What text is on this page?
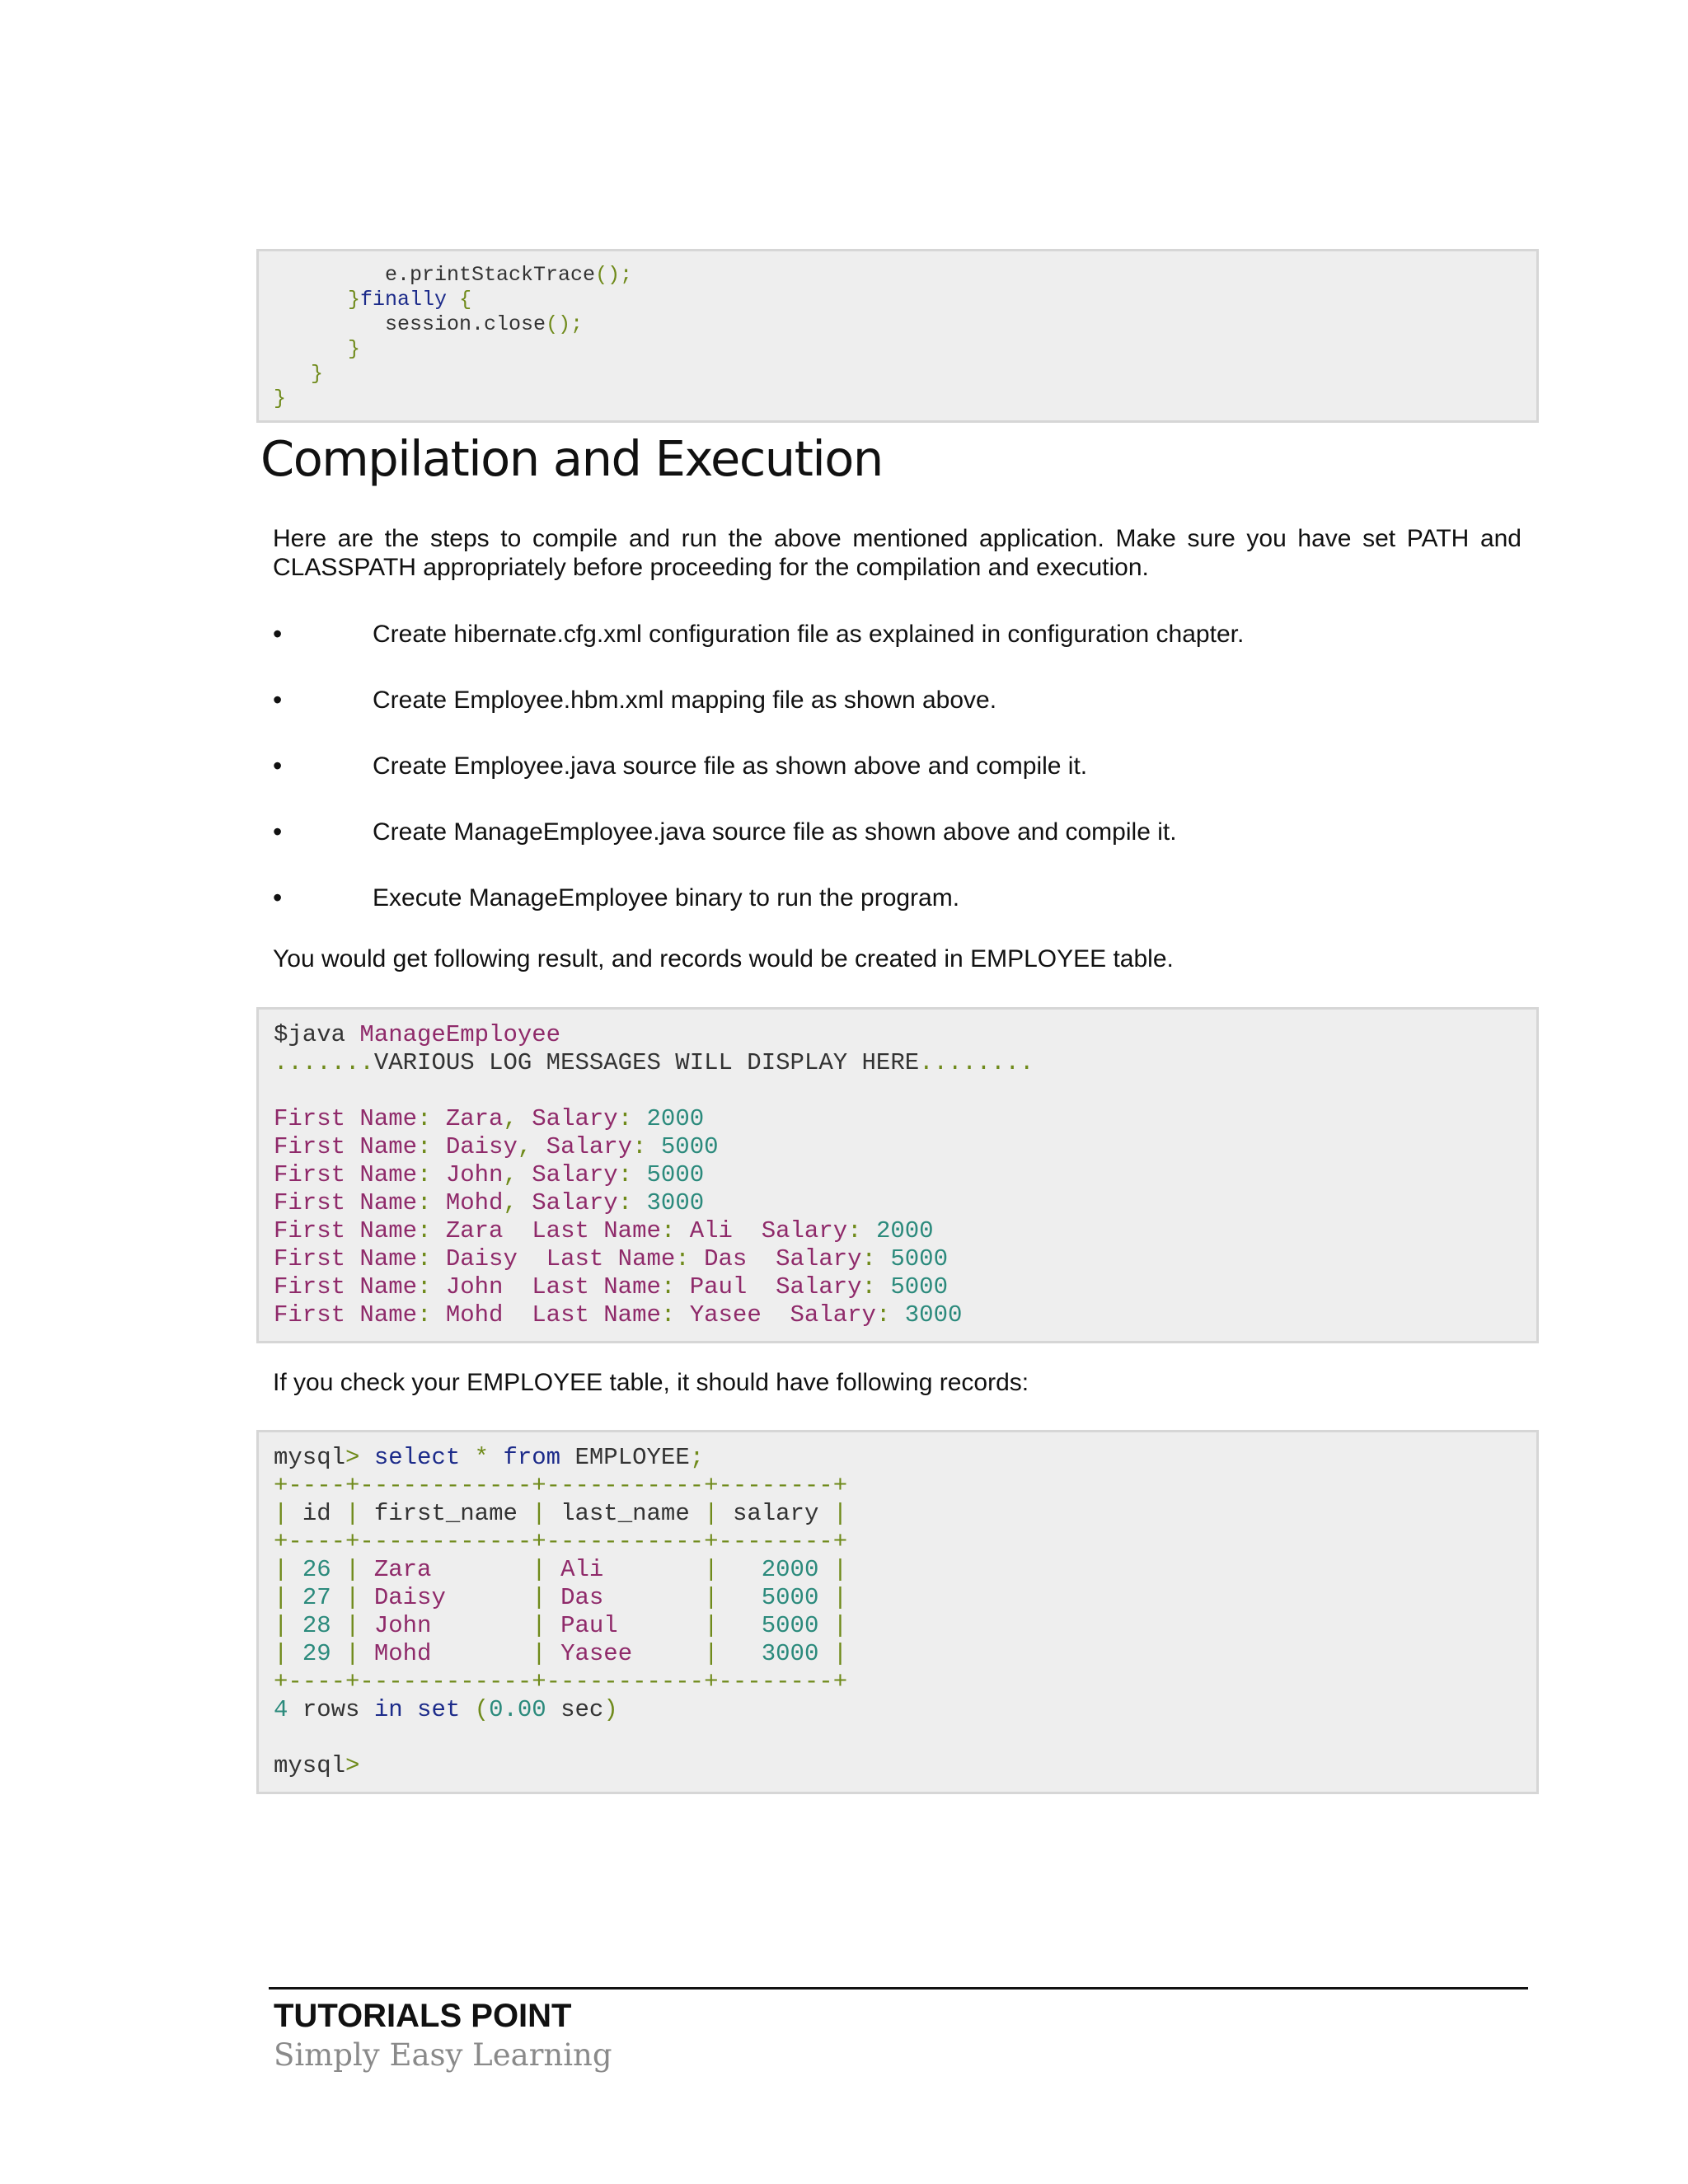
e.printStackTrace();
}finally {
session.close();
}
}
}
Compilation and Execution

Here are the steps to compile and run the above mentioned application. Make sure you have set PATH and CLASSPATH appropriately before proceeding for the compilation and execution.

•	Create hibernate.cfg.xml configuration file as explained in configuration chapter.
•	Create Employee.hbm.xml mapping file as shown above.
•	Create Employee.java source file as shown above and compile it.
•	Create ManageEmployee.java source file as shown above and compile it.
•	Execute ManageEmployee binary to run the program.

You would get following result, and records would be created in EMPLOYEE table.

$java ManageEmployee
.......VARIOUS LOG MESSAGES WILL DISPLAY HERE........

First Name: Zara, Salary: 2000
First Name: Daisy, Salary: 5000
First Name: John, Salary: 5000
First Name: Mohd, Salary: 3000
First Name: Zara  Last Name: Ali  Salary: 2000
First Name: Daisy  Last Name: Das  Salary: 5000
First Name: John  Last Name: Paul  Salary: 5000
First Name: Mohd  Last Name: Yasee  Salary: 3000

If you check your EMPLOYEE table, it should have following records:

mysql> select * from EMPLOYEE;
+----+------------+-----------+--------+
| id | first_name | last_name | salary |
+----+------------+-----------+--------+
| 26 | Zara       | Ali       |   2000 |
| 27 | Daisy      | Das       |   5000 |
| 28 | John       | Paul      |   5000 |
| 29 | Mohd       | Yasee     |   3000 |
+----+------------+-----------+--------+
4 rows in set (0.00 sec)

mysql>
TUTORIALS POINT
Simply Easy Learning
